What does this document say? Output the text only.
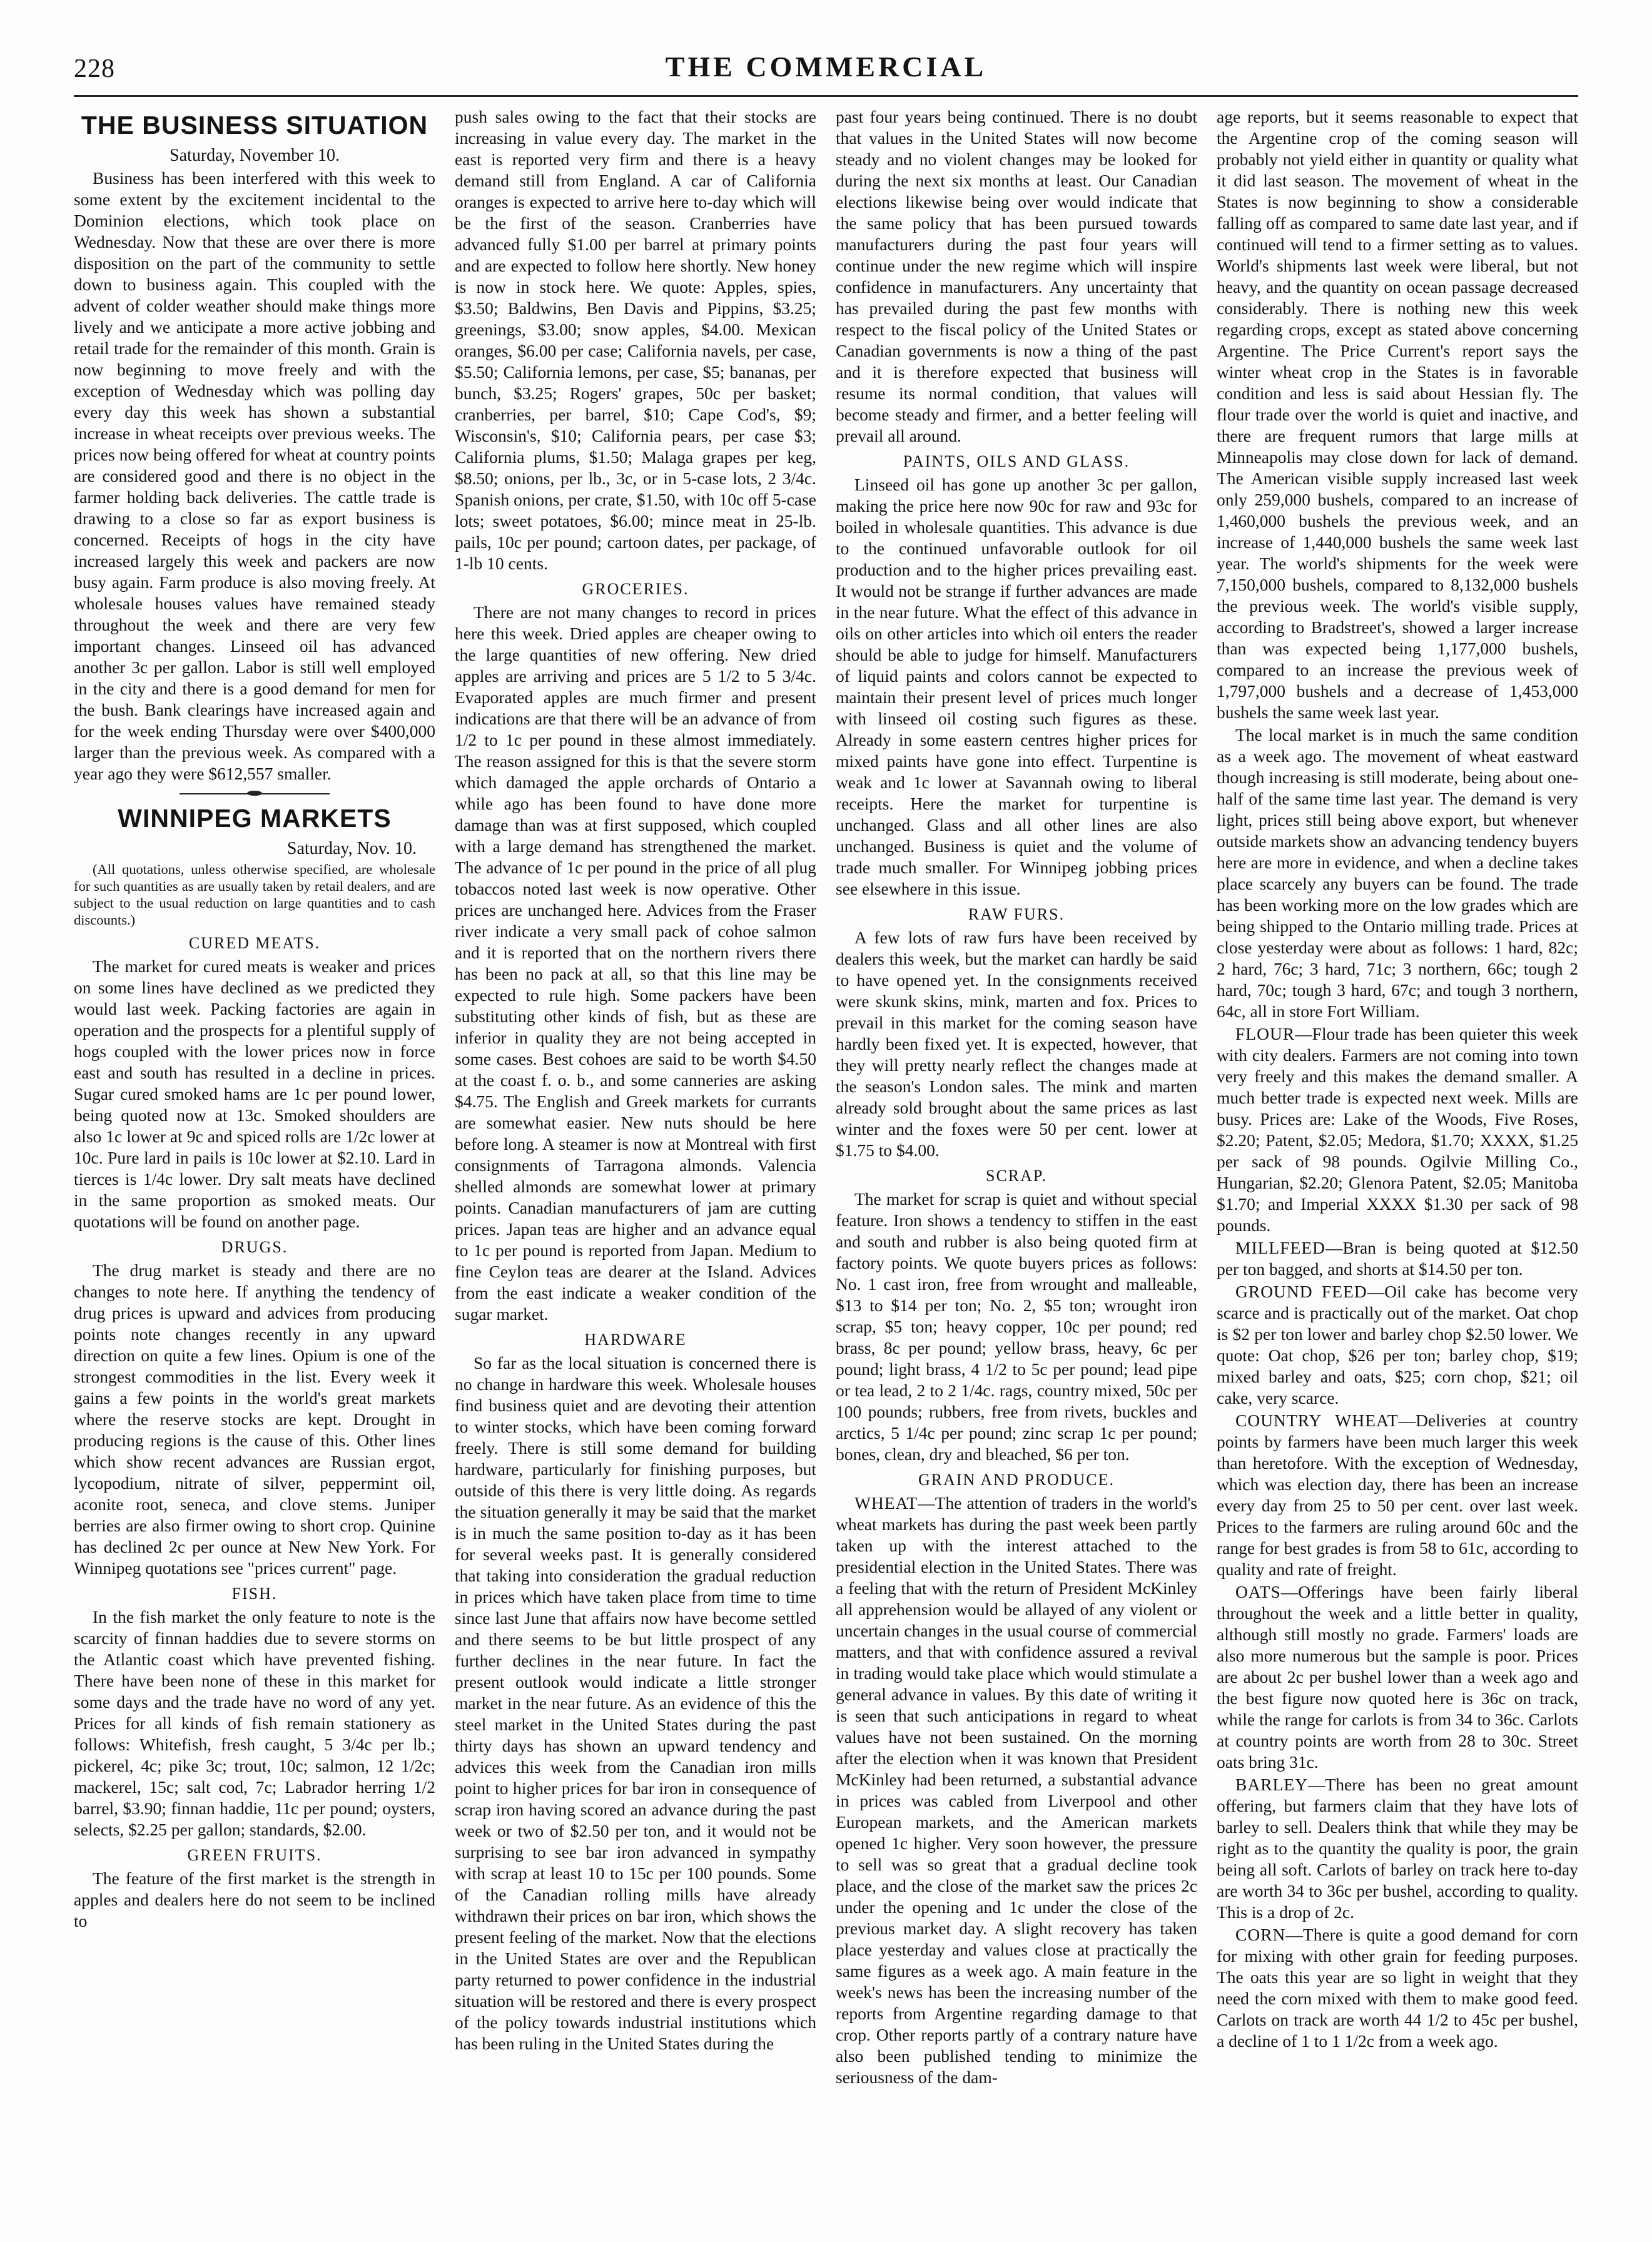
228	THE COMMERCIAL
THE BUSINESS SITUATION
Saturday, November 10.

Business has been interfered with this week to some extent by the excitement incidental to the Dominion elections, which took place on Wednesday. Now that these are over there is more disposition on the part of the community to settle down to business again. This coupled with the advent of colder weather should make things more lively and we anticipate a more active jobbing and retail trade for the remainder of this month. Grain is now beginning to move freely and with the exception of Wednesday which was polling day every day this week has shown a substantial increase in wheat receipts over previous weeks. The prices now being offered for wheat at country points are considered good and there is no object in the farmer holding back deliveries. The cattle trade is drawing to a close so far as export business is concerned. Receipts of hogs in the city have increased largely this week and packers are now busy again. Farm produce is also moving freely. At wholesale houses values have remained steady throughout the week and there are very few important changes. Linseed oil has advanced another 3c per gallon. Labor is still well employed in the city and there is a good demand for men for the bush. Bank clearings have increased again and for the week ending Thursday were over $400,000 larger than the previous week. As compared with a year ago they were $612,557 smaller.

WINNIPEG MARKETS
Saturday, Nov. 10.

(All quotations, unless otherwise specified, are wholesale for such quantities as are usually taken by retail dealers, and are subject to the usual reduction on large quantities and to cash discounts.)

CURED MEATS.

The market for cured meats is weaker and prices on some lines have declined as we predicted they would last week. Packing factories are again in operation and the prospects for a plentiful supply of hogs coupled with the lower prices now in force east and south has resulted in a decline in prices. Sugar cured smoked hams are 1c per pound lower, being quoted now at 13c. Smoked shoulders are also 1c lower at 9c and spiced rolls are 1/2c lower at 10c. Pure lard in pails is 10c lower at $2.10. Lard in tierces is 1/4c lower. Dry salt meats have declined in the same proportion as smoked meats. Our quotations will be found on another page.

DRUGS.

The drug market is steady and there are no changes to note here. If anything the tendency of drug prices is upward and advices from producing points note changes recently in any upward direction on quite a few lines. Opium is one of the strongest commodities in the list. Every week it gains a few points in the world's great markets where the reserve stocks are kept. Drought in producing regions is the cause of this. Other lines which show recent advances are Russian ergot, lycopodium, nitrate of silver, peppermint oil, aconite root, seneca, and clove stems. Juniper berries are also firmer owing to short crop. Quinine has declined 2c per ounce at New New York. For Winnipeg quotations see "prices current" page.

FISH.

In the fish market the only feature to note is the scarcity of finnan haddies due to severe storms on the Atlantic coast which have prevented fishing. There have been none of these in this market for some days and the trade have no word of any yet. Prices for all kinds of fish remain stationery as follows: Whitefish, fresh caught, 5 3/4c per lb.; pickerel, 4c; pike 3c; trout, 10c; salmon, 12 1/2c; mackerel, 15c; salt cod, 7c; Labrador herring 1/2 barrel, $3.90; finnan haddie, 11c per pound; oysters, selects, $2.25 per gallon; standards, $2.00.

GREEN FRUITS.

The feature of the first market is the strength in apples and dealers here do not seem to be inclined to

push sales owing to the fact that their stocks are increasing in value every day. The market in the east is reported very firm and there is a heavy demand still from England. A car of California oranges is expected to arrive here to-day which will be the first of the season. Cranberries have advanced fully $1.00 per barrel at primary points and are expected to follow here shortly. New honey is now in stock here. We quote: Apples, spies, $3.50; Baldwins, Ben Davis and Pippins, $3.25; greenings, $3.00; snow apples, $4.00. Mexican oranges, $6.00 per case; California navels, per case, $5.50; California lemons, per case, $5; bananas, per bunch, $3.25; Rogers' grapes, 50c per basket; cranberries, per barrel, $10; Cape Cod's, $9; Wisconsin's, $10; California pears, per case $3; California plums, $1.50; Malaga grapes per keg, $8.50; onions, per lb., 3c, or in 5-case lots, 2 3/4c. Spanish onions, per crate, $1.50, with 10c off 5-case lots; sweet potatoes, $6.00; mince meat in 25-lb. pails, 10c per pound; cartoon dates, per package, of 1-lb 10 cents.

GROCERIES.

There are not many changes to record in prices here this week. Dried apples are cheaper owing to the large quantities of new offering. New dried apples are arriving and prices are 5 1/2 to 5 3/4c. Evaporated apples are much firmer and present indications are that there will be an advance of from 1/2 to 1c per pound in these almost immediately. The reason assigned for this is that the severe storm which damaged the apple orchards of Ontario a while ago has been found to have done more damage than was at first supposed, which coupled with a large demand has strengthened the market. The advance of 1c per pound in the price of all plug tobaccos noted last week is now operative. Other prices are unchanged here. Advices from the Fraser river indicate a very small pack of cohoe salmon and it is reported that on the northern rivers there has been no pack at all, so that this line may be expected to rule high. Some packers have been substituting other kinds of fish, but as these are inferior in quality they are not being accepted in some cases. Best cohoes are said to be worth $4.50 at the coast f. o. b., and some canneries are asking $4.75. The English and Greek markets for currants are somewhat easier. New nuts should be here before long. A steamer is now at Montreal with first consignments of Tarragona almonds. Valencia shelled almonds are somewhat lower at primary points. Canadian manufacturers of jam are cutting prices. Japan teas are higher and an advance equal to 1c per pound is reported from Japan. Medium to fine Ceylon teas are dearer at the Island. Advices from the east indicate a weaker condition of the sugar market.

HARDWARE

So far as the local situation is concerned there is no change in hardware this week. Wholesale houses find business quiet and are devoting their attention to winter stocks, which have been coming forward freely. There is still some demand for building hardware, particularly for finishing purposes, but outside of this there is very little doing. As regards the situation generally it may be said that the market is in much the same position to-day as it has been for several weeks past. It is generally considered that taking into consideration the gradual reduction in prices which have taken place from time to time since last June that affairs now have become settled and there seems to be but little prospect of any further declines in the near future. In fact the present outlook would indicate a little stronger market in the near future. As an evidence of this the steel market in the United States during the past thirty days has shown an upward tendency and advices this week from the Canadian iron mills point to higher prices for bar iron in consequence of scrap iron having scored an advance during the past week or two of $2.50 per ton, and it would not be surprising to see bar iron advanced in sympathy with scrap at least 10 to 15c per 100 pounds. Some of the Canadian rolling mills have already withdrawn their prices on bar iron, which shows the present feeling of the market. Now that the elections in the United States are over and the Republican party returned to power confidence in the industrial situation will be restored and there is every prospect of the policy towards industrial institutions which has been ruling in the United States during the

past four years being continued. There is no doubt that values in the United States will now become steady and no violent changes may be looked for during the next six months at least. Our Canadian elections likewise being over would indicate that the same policy that has been pursued towards manufacturers during the past four years will continue under the new regime which will inspire confidence in manufacturers. Any uncertainty that has prevailed during the past few months with respect to the fiscal policy of the United States or Canadian governments is now a thing of the past and it is therefore expected that business will resume its normal condition, that values will become steady and firmer, and a better feeling will prevail all around.

PAINTS, OILS AND GLASS.

Linseed oil has gone up another 3c per gallon, making the price here now 90c for raw and 93c for boiled in wholesale quantities. This advance is due to the continued unfavorable outlook for oil production and to the higher prices prevailing east. It would not be strange if further advances are made in the near future. What the effect of this advance in oils on other articles into which oil enters the reader should be able to judge for himself. Manufacturers of liquid paints and colors cannot be expected to maintain their present level of prices much longer with linseed oil costing such figures as these. Already in some eastern centres higher prices for mixed paints have gone into effect. Turpentine is weak and 1c lower at Savannah owing to liberal receipts. Here the market for turpentine is unchanged. Glass and all other lines are also unchanged. Business is quiet and the volume of trade much smaller. For Winnipeg jobbing prices see elsewhere in this issue.

RAW FURS.

A few lots of raw furs have been received by dealers this week, but the market can hardly be said to have opened yet. In the consignments received were skunk skins, mink, marten and fox. Prices to prevail in this market for the coming season have hardly been fixed yet. It is expected, however, that they will pretty nearly reflect the changes made at the season's London sales. The mink and marten already sold brought about the same prices as last winter and the foxes were 50 per cent. lower at $1.75 to $4.00.

SCRAP.

The market for scrap is quiet and without special feature. Iron shows a tendency to stiffen in the east and south and rubber is also being quoted firm at factory points. We quote buyers prices as follows: No. 1 cast iron, free from wrought and malleable, $13 to $14 per ton; No. 2, $5 ton; wrought iron scrap, $5 ton; heavy copper, 10c per pound; red brass, 8c per pound; yellow brass, heavy, 6c per pound; light brass, 4 1/2 to 5c per pound; lead pipe or tea lead, 2 to 2 1/4c. rags, country mixed, 50c per 100 pounds; rubbers, free from rivets, buckles and arctics, 5 1/4c per pound; zinc scrap 1c per pound; bones, clean, dry and bleached, $6 per ton.

GRAIN AND PRODUCE.

WHEAT—The attention of traders in the world's wheat markets has during the past week been partly taken up with the interest attached to the presidential election in the United States. There was a feeling that with the return of President McKinley all apprehension would be allayed of any violent or uncertain changes in the usual course of commercial matters, and that with confidence assured a revival in trading would take place which would stimulate a general advance in values. By this date of writing it is seen that such anticipations in regard to wheat values have not been sustained. On the morning after the election when it was known that President McKinley had been returned, a substantial advance in prices was cabled from Liverpool and other European markets, and the American markets opened 1c higher. Very soon however, the pressure to sell was so great that a gradual decline took place, and the close of the market saw the prices 2c under the opening and 1c under the close of the previous market day. A slight recovery has taken place yesterday and values close at practically the same figures as a week ago. A main feature in the week's news has been the increasing number of the reports from Argentine regarding damage to that crop. Other reports partly of a contrary nature have also been published tending to minimize the seriousness of the dam-

age reports, but it seems reasonable to expect that the Argentine crop of the coming season will probably not yield either in quantity or quality what it did last season. The movement of wheat in the States is now beginning to show a considerable falling off as compared to same date last year, and if continued will tend to a firmer setting as to values. World's shipments last week were liberal, but not heavy, and the quantity on ocean passage decreased considerably. There is nothing new this week regarding crops, except as stated above concerning Argentine. The Price Current's report says the winter wheat crop in the States is in favorable condition and less is said about Hessian fly. The flour trade over the world is quiet and inactive, and there are frequent rumors that large mills at Minneapolis may close down for lack of demand. The American visible supply increased last week only 259,000 bushels, compared to an increase of 1,460,000 bushels the previous week, and an increase of 1,440,000 bushels the same week last year. The world's shipments for the week were 7,150,000 bushels, compared to 8,132,000 bushels the previous week. The world's visible supply, according to Bradstreet's, showed a larger increase than was expected being 1,177,000 bushels, compared to an increase the previous week of 1,797,000 bushels and a decrease of 1,453,000 bushels the same week last year.

The local market is in much the same condition as a week ago. The movement of wheat eastward though increasing is still moderate, being about one-half of the same time last year. The demand is very light, prices still being above export, but whenever outside markets show an advancing tendency buyers here are more in evidence, and when a decline takes place scarcely any buyers can be found. The trade has been working more on the low grades which are being shipped to the Ontario milling trade. Prices at close yesterday were about as follows: 1 hard, 82c; 2 hard, 76c; 3 hard, 71c; 3 northern, 66c; tough 2 hard, 70c; tough 3 hard, 67c; and tough 3 northern, 64c, all in store Fort William.

FLOUR—Flour trade has been quieter this week with city dealers. Farmers are not coming into town very freely and this makes the demand smaller. A much better trade is expected next week. Mills are busy. Prices are: Lake of the Woods, Five Roses, $2.20; Patent, $2.05; Medora, $1.70; XXXX, $1.25 per sack of 98 pounds. Ogilvie Milling Co., Hungarian, $2.20; Glenora Patent, $2.05; Manitoba $1.70; and Imperial XXXX $1.30 per sack of 98 pounds.

MILLFEED—Bran is being quoted at $12.50 per ton bagged, and shorts at $14.50 per ton.

GROUND FEED—Oil cake has become very scarce and is practically out of the market. Oat chop is $2 per ton lower and barley chop $2.50 lower. We quote: Oat chop, $26 per ton; barley chop, $19; mixed barley and oats, $25; corn chop, $21; oil cake, very scarce.

COUNTRY WHEAT—Deliveries at country points by farmers have been much larger this week than heretofore. With the exception of Wednesday, which was election day, there has been an increase every day from 25 to 50 per cent. over last week. Prices to the farmers are ruling around 60c and the range for best grades is from 58 to 61c, according to quality and rate of freight.

OATS—Offerings have been fairly liberal throughout the week and a little better in quality, although still mostly no grade. Farmers' loads are also more numerous but the sample is poor. Prices are about 2c per bushel lower than a week ago and the best figure now quoted here is 36c on track, while the range for carlots is from 34 to 36c. Carlots at country points are worth from 28 to 30c. Street oats bring 31c.

BARLEY—There has been no great amount offering, but farmers claim that they have lots of barley to sell. Dealers think that while they may be right as to the quantity the quality is poor, the grain being all soft. Carlots of barley on track here to-day are worth 34 to 36c per bushel, according to quality. This is a drop of 2c.

CORN—There is quite a good demand for corn for mixing with other grain for feeding purposes. The oats this year are so light in weight that they need the corn mixed with them to make good feed. Carlots on track are worth 44 1/2 to 45c per bushel, a decline of 1 to 1 1/2c from a week ago.
